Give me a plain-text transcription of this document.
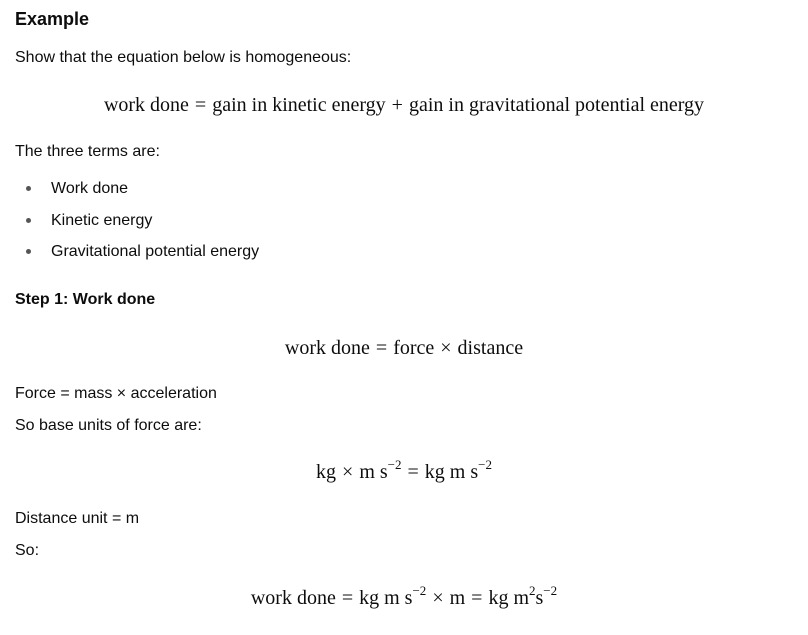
Example
Show that the equation below is homogeneous:
work done = gain in kinetic energy + gain in gravitational potential energy
The three terms are:
Work done
Kinetic energy
Gravitational potential energy
Step 1: Work done
work done = force × distance
Force = mass × acceleration
So base units of force are:
kg × m $s^{-2}$ = kg m $s^{-2}$
Distance unit = m
So:
work done = kg m $s^{-2} \times m$ = kg $m^2s^{-2}$
